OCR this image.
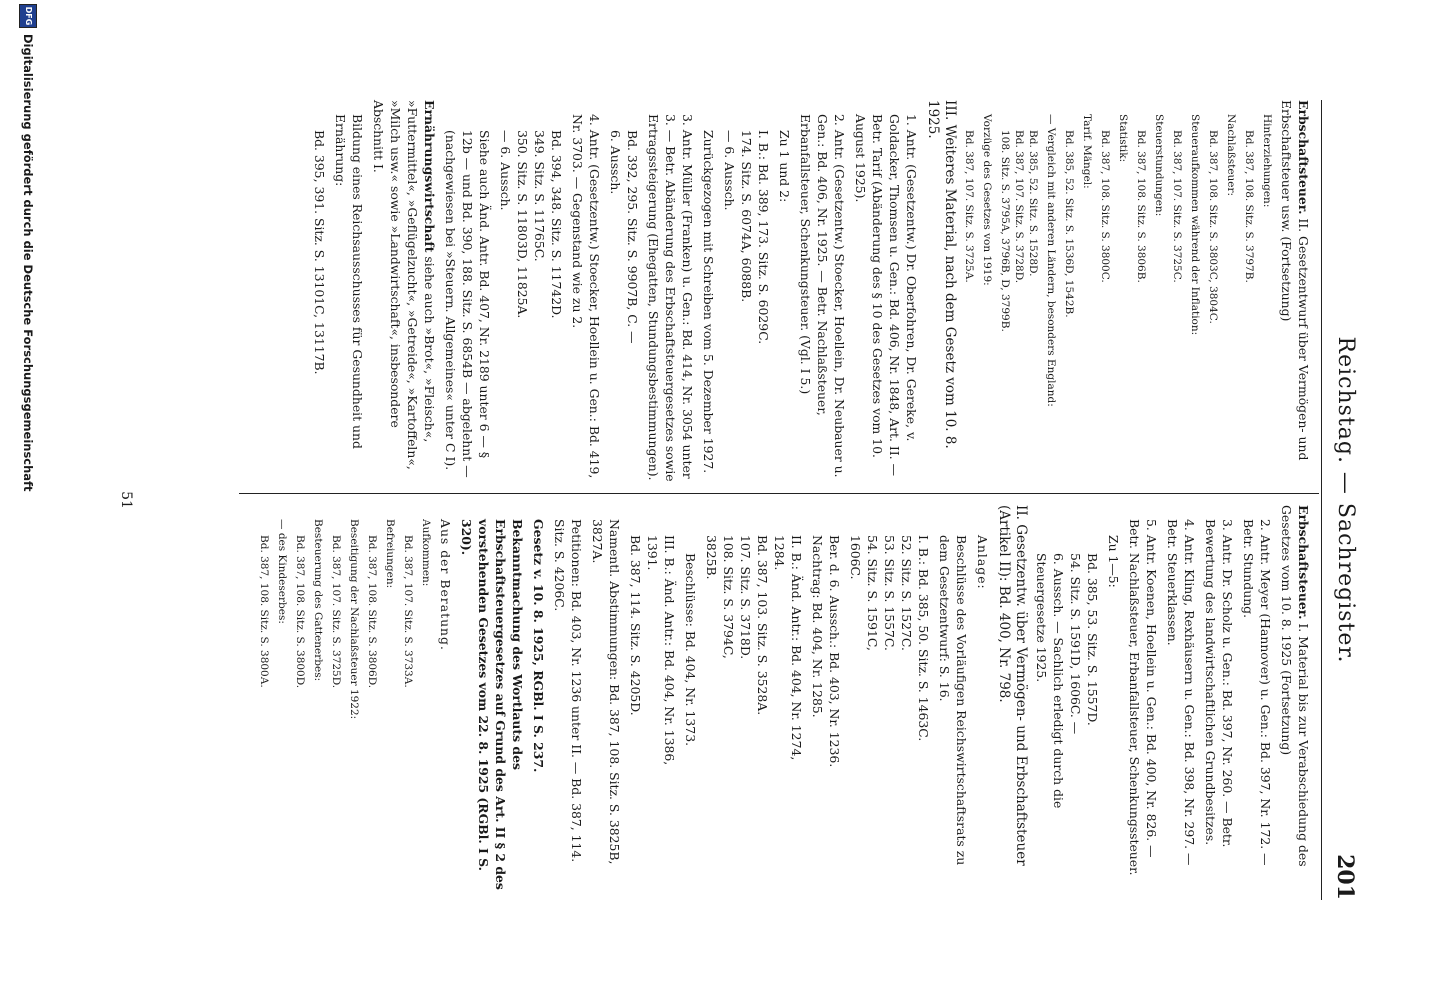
Reichstag. — Sachregister.
201
Erbschaftsteuer. II. Gesetzentwurf über Vermögen- und Erbschaftsteuer usw. (Fortsetzung)
Hinterziehungen:
Bd. 387, 108. Sitz. S. 3797B.
Nachlaßsteuer:
Bd. 387, 108. Sitz. S. 3803C, 3804C.
Steueraufkommen während der Inflation:
Bd. 387, 107. Sitz. S. 3725C.
Steuerstundungen:
Bd. 387, 108. Sitz. S. 3806B.
Statistik:
Bd. 387, 108. Sitz. S. 3800C.
Tarif. Mängel:
Bd. 385, 52. Sitz. S. 1536D, 1542B.
— Vergleich mit anderen Ländern, besonders England:
Bd. 385, 52. Sitz. S. 1528D.
Bd. 387, 107. Sitz. S. 3728D.
108. Sitz. S. 3795A, 3796B, D, 3799B.
Vorzüge des Gesetzes von 1919:
Bd. 387, 107. Sitz. S. 3725A.
III. Weiteres Material, nach dem Gesetz vom 10. 8. 1925.
1. Antr. (Gesetzentw.) Dr. Oberfohren, Dr. Gereke, v. Goldacker, Thomsen u. Gen.: Bd. 406, Nr. 1848, Art. II. — Betr. Tarif (Abänderung des § 10 des Gesetzes vom 10. August 1925).
2. Antr. (Gesetzentw.) Stoecker, Hoellein, Dr. Neubauer u. Gen.: Bd. 406, Nr. 1925. — Betr. Nachlaßsteuer, Erbanfallsteuer, Schenkungsteuer. (Vgl. I 5.)
Zu 1 und 2:
I. B.: Bd. 389, 173. Sitz. S. 6029C.
174. Sitz. S. 6074A, 6088B.
— 6. Aussch.
Zurückgezogen mit Schreiben vom 5. Dezember 1927.
3. Antr. Müller (Franken) u. Gen.: Bd. 414, Nr. 3054 unter 3. — Betr. Abänderung des Erbschaftsteuergesetzes sowie Ertragssteigerung (Ehegatten, Stundungsbestimmungen).
Bd. 392, 295. Sitz. S. 9907B, C. —
6. Aussch.
4. Antr. (Gesetzentw.) Stoecker, Hoellein u. Gen.: Bd. 419, Nr. 3703. — Gegenstand wie zu 2.
Bd. 394, 348. Sitz. S. 11742D.
349. Sitz. S. 11765C.
350. Sitz. S. 11803D, 11825A.
— 6. Aussch.
Siehe auch Änd. Antr. Bd. 407, Nr. 2189 unter 6 — § 12b — und Bd. 390, 188. Sitz. S. 6854B — abgelehnt — (nachgewiesen bei »Steuern. Allgemeines« unter C I).
Ernährungswirtschaft siehe auch »Brot«, »Fleisch«, »Futtermittel«, »Geflügelzucht«, »Getreide«, »Kartoffeln«, »Milch usw.« sowie »Landwirtschaft«, insbesondere Abschnitt I.
Bildung eines Reichsausschusses für Gesundheit und Ernährung:
Bd. 395, 391. Sitz. S. 13101C, 13117B.
Erbschaftsteuer. I. Material bis zur Verabschiedung des Gesetzes vom 10. 8. 1925 (Fortsetzung)
2. Antr. Meyer (Hannover) u. Gen.: Bd. 397, Nr. 172. — Betr. Stundung.
3. Antr. Dr. Scholz u. Gen.: Bd. 397, Nr. 260. — Betr. Bewertung des landwirtschaftlichen Grundbesitzes.
4. Antr. Kling, Rexhäusern u. Gen.: Bd. 398, Nr. 297. — Betr. Steuerklassen.
5. Antr. Koenen, Hoellein u. Gen.: Bd. 400, Nr. 826. — Betr. Nachlaßsteuer, Erbanfallsteuer, Schenkungssteuer.
Zu 1—5:
Bd. 385, 53. Sitz. S. 1557D.
54. Sitz. S. 1591D, 1606C. —
6. Aussch. — Sachlich erledigt durch die Steuergesetze 1925.
II. Gesetzentw. über Vermögen- und Erbschaftsteuer (Artikel II): Bd. 400, Nr. 798.
Anlage:
Beschlüsse des Vorläufigen Reichswirtschaftsrats zu dem Gesetzentwurf: S. 16.
I. B.: Bd. 385, 50. Sitz. S. 1463C.
52. Sitz. S. 1527C.
53. Sitz. S. 1557C.
54. Sitz. S. 1591C,
1606C.
Ber. d. 6. Aussch.: Bd. 403, Nr. 1236.
Nachtrag: Bd. 404, Nr. 1285.
II. B.: Änd. Antr.: Bd. 404, Nr. 1274,
1284.
Bd. 387, 103. Sitz. S. 3528A.
107. Sitz. S. 3718D.
108. Sitz. S. 3794C,
3825B.
Beschlüsse: Bd. 404, Nr. 1373.
III. B.: Änd. Antr.: Bd. 404, Nr. 1386,
1391.
Bd. 387, 114. Sitz. S. 4205D.
Namentl. Abstimmungen: Bd. 387, 108. Sitz. S. 3825B, 3827A.
Petitionen: Bd. 403, Nr. 1236 unter II. — Bd. 387, 114. Sitz. S. 4206C.
Gesetz v. 10. 8. 1925, RGBl. I S. 237.
Bekanntmachung des Wortlauts des Erbschaftsteuergesetzes auf Grund des Art. II § 2 des vorstehenden Gesetzes vom 22. 8. 1925 (RGBl. I S. 320).
Aus der Beratung.
Aufkommen:
Bd. 387, 107. Sitz. S. 3733A.
Befreiungen:
Bd. 387, 108. Sitz. S. 3806D.
Beseitigung der Nachlaßsteuer 1922:
Bd. 387, 107. Sitz. S. 3725D.
Besteuerung des Gattenerbes:
Bd. 387, 108. Sitz. S. 3800D.
— des Kindeserbes:
Bd. 387, 108. Sitz. S. 3800A.
51
DFG
Digitalisierung gefördert durch die Deutsche Forschungsgemeinschaft
